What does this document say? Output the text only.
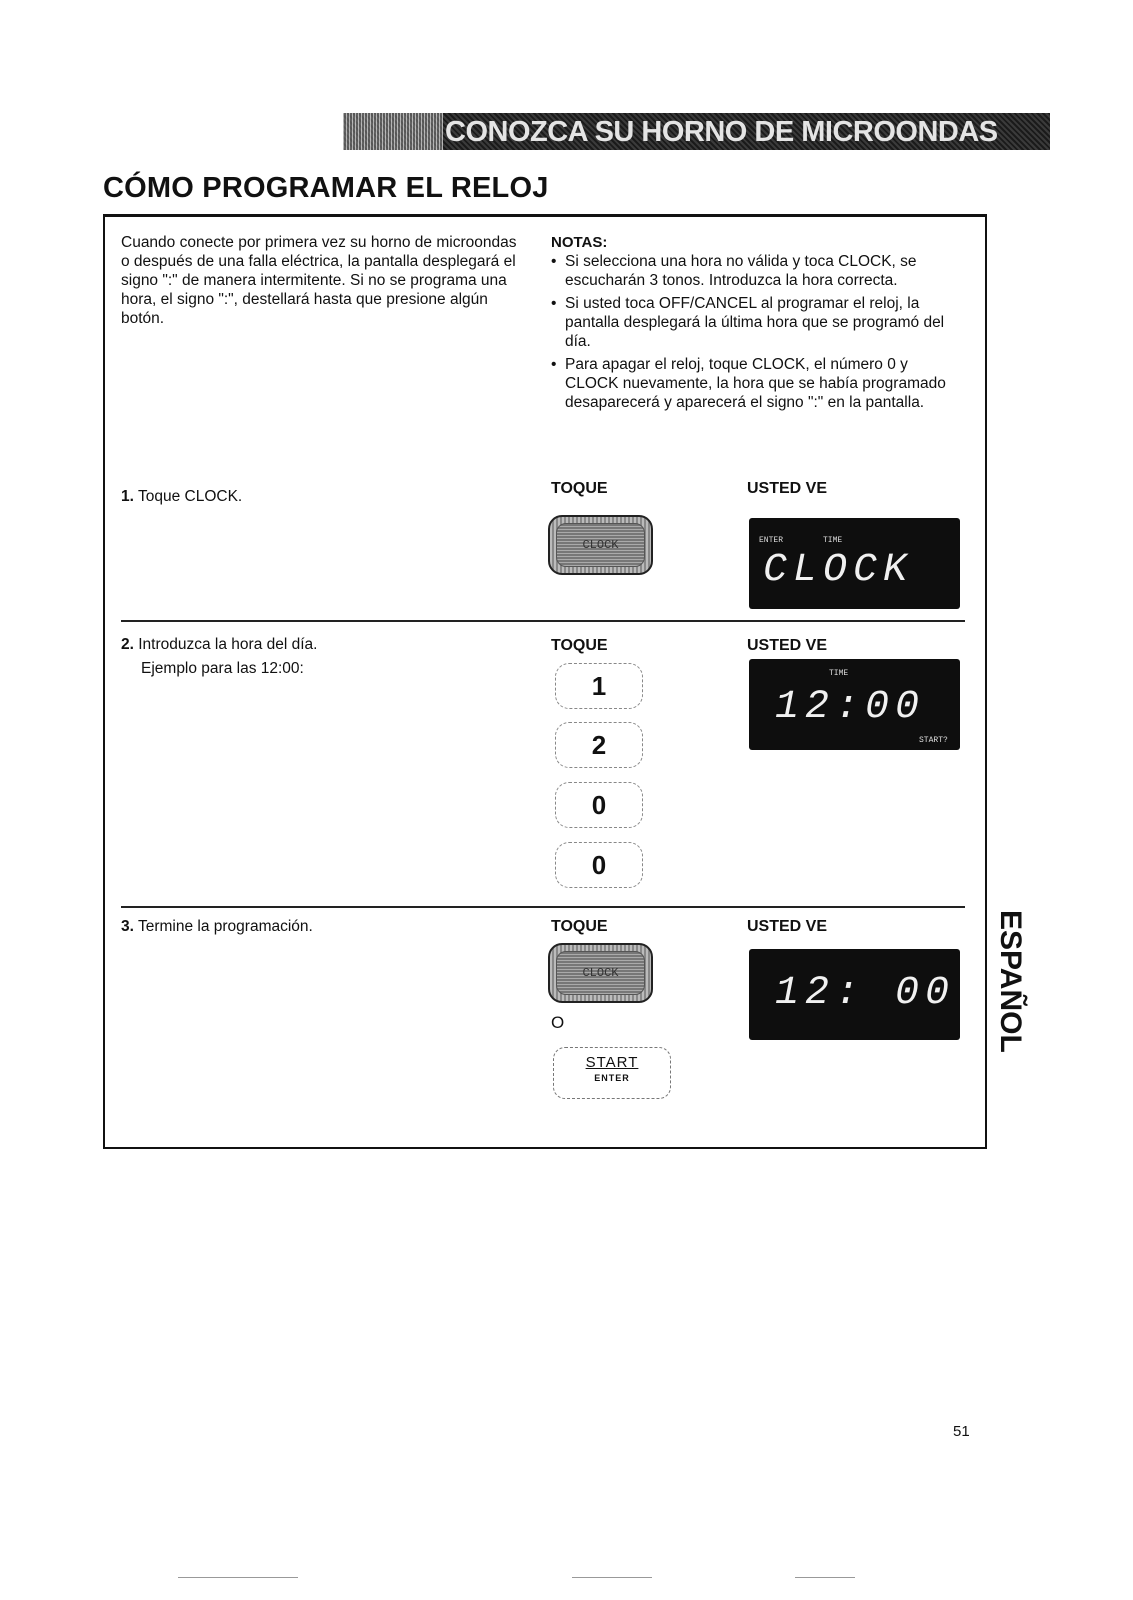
CONOZCA SU HORNO DE MICROONDAS
CÓMO PROGRAMAR EL RELOJ
Cuando conecte por primera vez su horno de microondas o después de una falla eléctrica, la pantalla desplegará el signo ":" de manera intermitente. Si no se programa una hora, el signo ":", destellará hasta que presione algún botón.
NOTAS:
• Si selecciona una hora no válida y toca CLOCK, se escucharán 3 tonos. Introduzca la hora correcta.
• Si usted toca OFF/CANCEL al programar el reloj, la pantalla desplegará la última hora que se programó del día.
• Para apagar el reloj, toque CLOCK, el número 0 y CLOCK nuevamente, la hora que se había programado desaparecerá y aparecerá el signo ":" en la pantalla.
1. Toque CLOCK.	TOQUE	USTED VE
CLOCK	ENTER	TIME
CLOCK
2. Introduzca la hora del día.
Ejemplo para las 12:00:
TOQUE	USTED VE
1
2
0
0
TIME
12:00
START?
3. Termine la programación.	TOQUE	USTED VE
CLOCK
O
START
ENTER
12: 00 ESPAÑOL
51
